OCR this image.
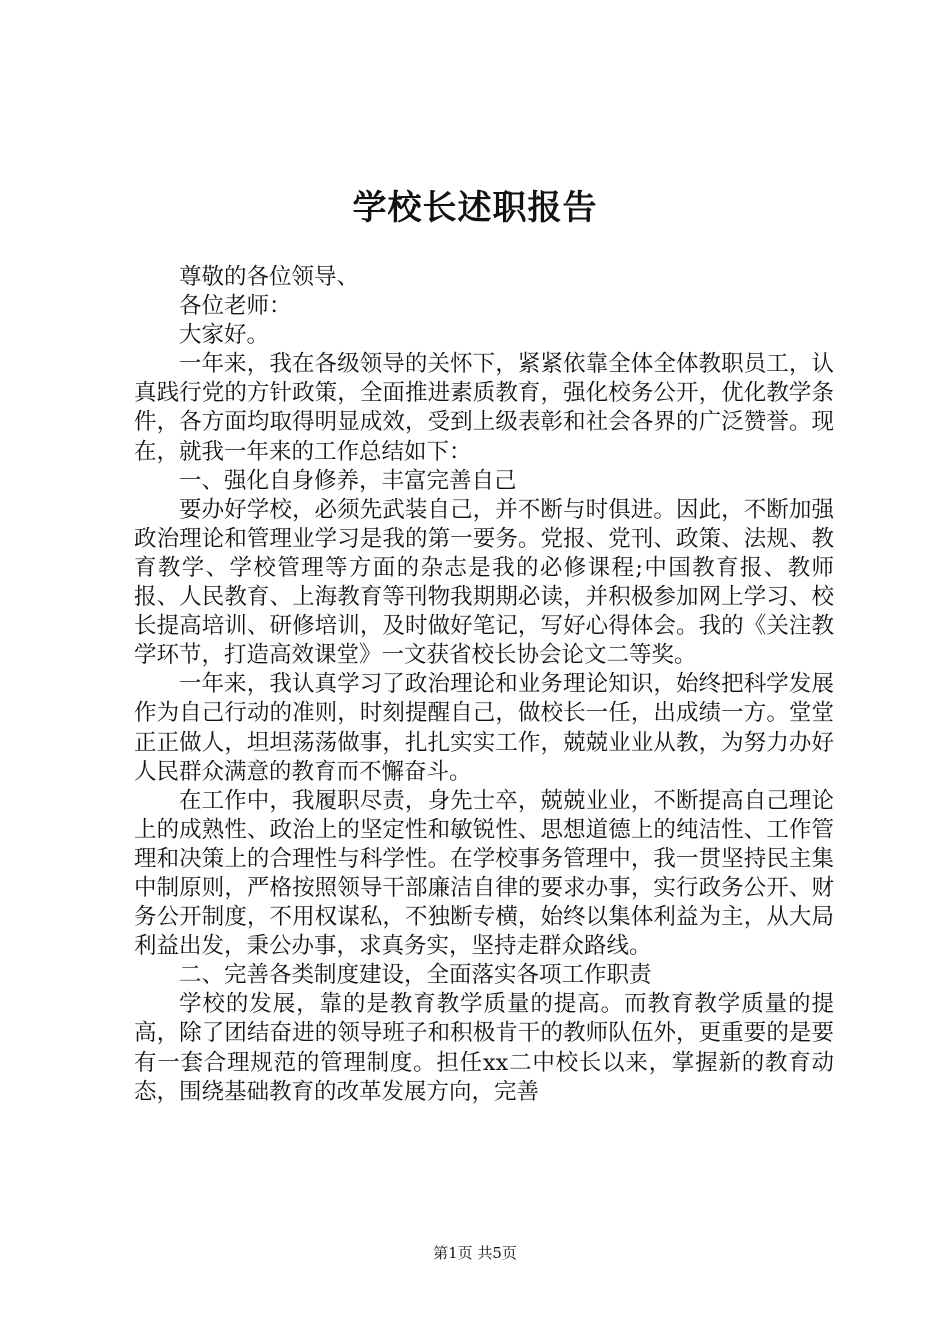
学校长述职报告

尊敬的各位领导、

各位老师：

大家好。

一年来，我在各级领导的关怀下，紧紧依靠全体全体教职员工，认真践行党的方针政策，全面推进素质教育，强化校务公开，优化教学条件，各方面均取得明显成效，受到上级表彰和社会各界的广泛赞誉。现在，就我一年来的工作总结如下：

一、强化自身修养，丰富完善自己

要办好学校，必须先武装自己，并不断与时俱进。因此，不断加强政治理论和管理业学习是我的第一要务。党报、党刊、政策、法规、教育教学、学校管理等方面的杂志是我的必修课程;中国教育报、教师报、人民教育、上海教育等刊物我期期必读，并积极参加网上学习、校长提高培训、研修培训，及时做好笔记，写好心得体会。我的《关注教学环节，打造高效课堂》一文获省校长协会论文二等奖。

一年来，我认真学习了政治理论和业务理论知识，始终把科学发展作为自己行动的准则，时刻提醒自己，做校长一任，出成绩一方。堂堂正正做人，坦坦荡荡做事，扎扎实实工作，兢兢业业从教，为努力办好人民群众满意的教育而不懈奋斗。

在工作中，我履职尽责，身先士卒，兢兢业业，不断提高自己理论上的成熟性、政治上的坚定性和敏锐性、思想道德上的纯洁性、工作管理和决策上的合理性与科学性。在学校事务管理中，我一贯坚持民主集中制原则，严格按照领导干部廉洁自律的要求办事，实行政务公开、财务公开制度，不用权谋私，不独断专横，始终以集体利益为主，从大局利益出发，秉公办事，求真务实，坚持走群众路线。

二、完善各类制度建设，全面落实各项工作职责

学校的发展，靠的是教育教学质量的提高。而教育教学质量的提高，除了团结奋进的领导班子和积极肯干的教师队伍外，更重要的是要有一套合理规范的管理制度。担任xx二中校长以来，掌握新的教育动态，围绕基础教育的改革发展方向，完善

第1页 共5页
